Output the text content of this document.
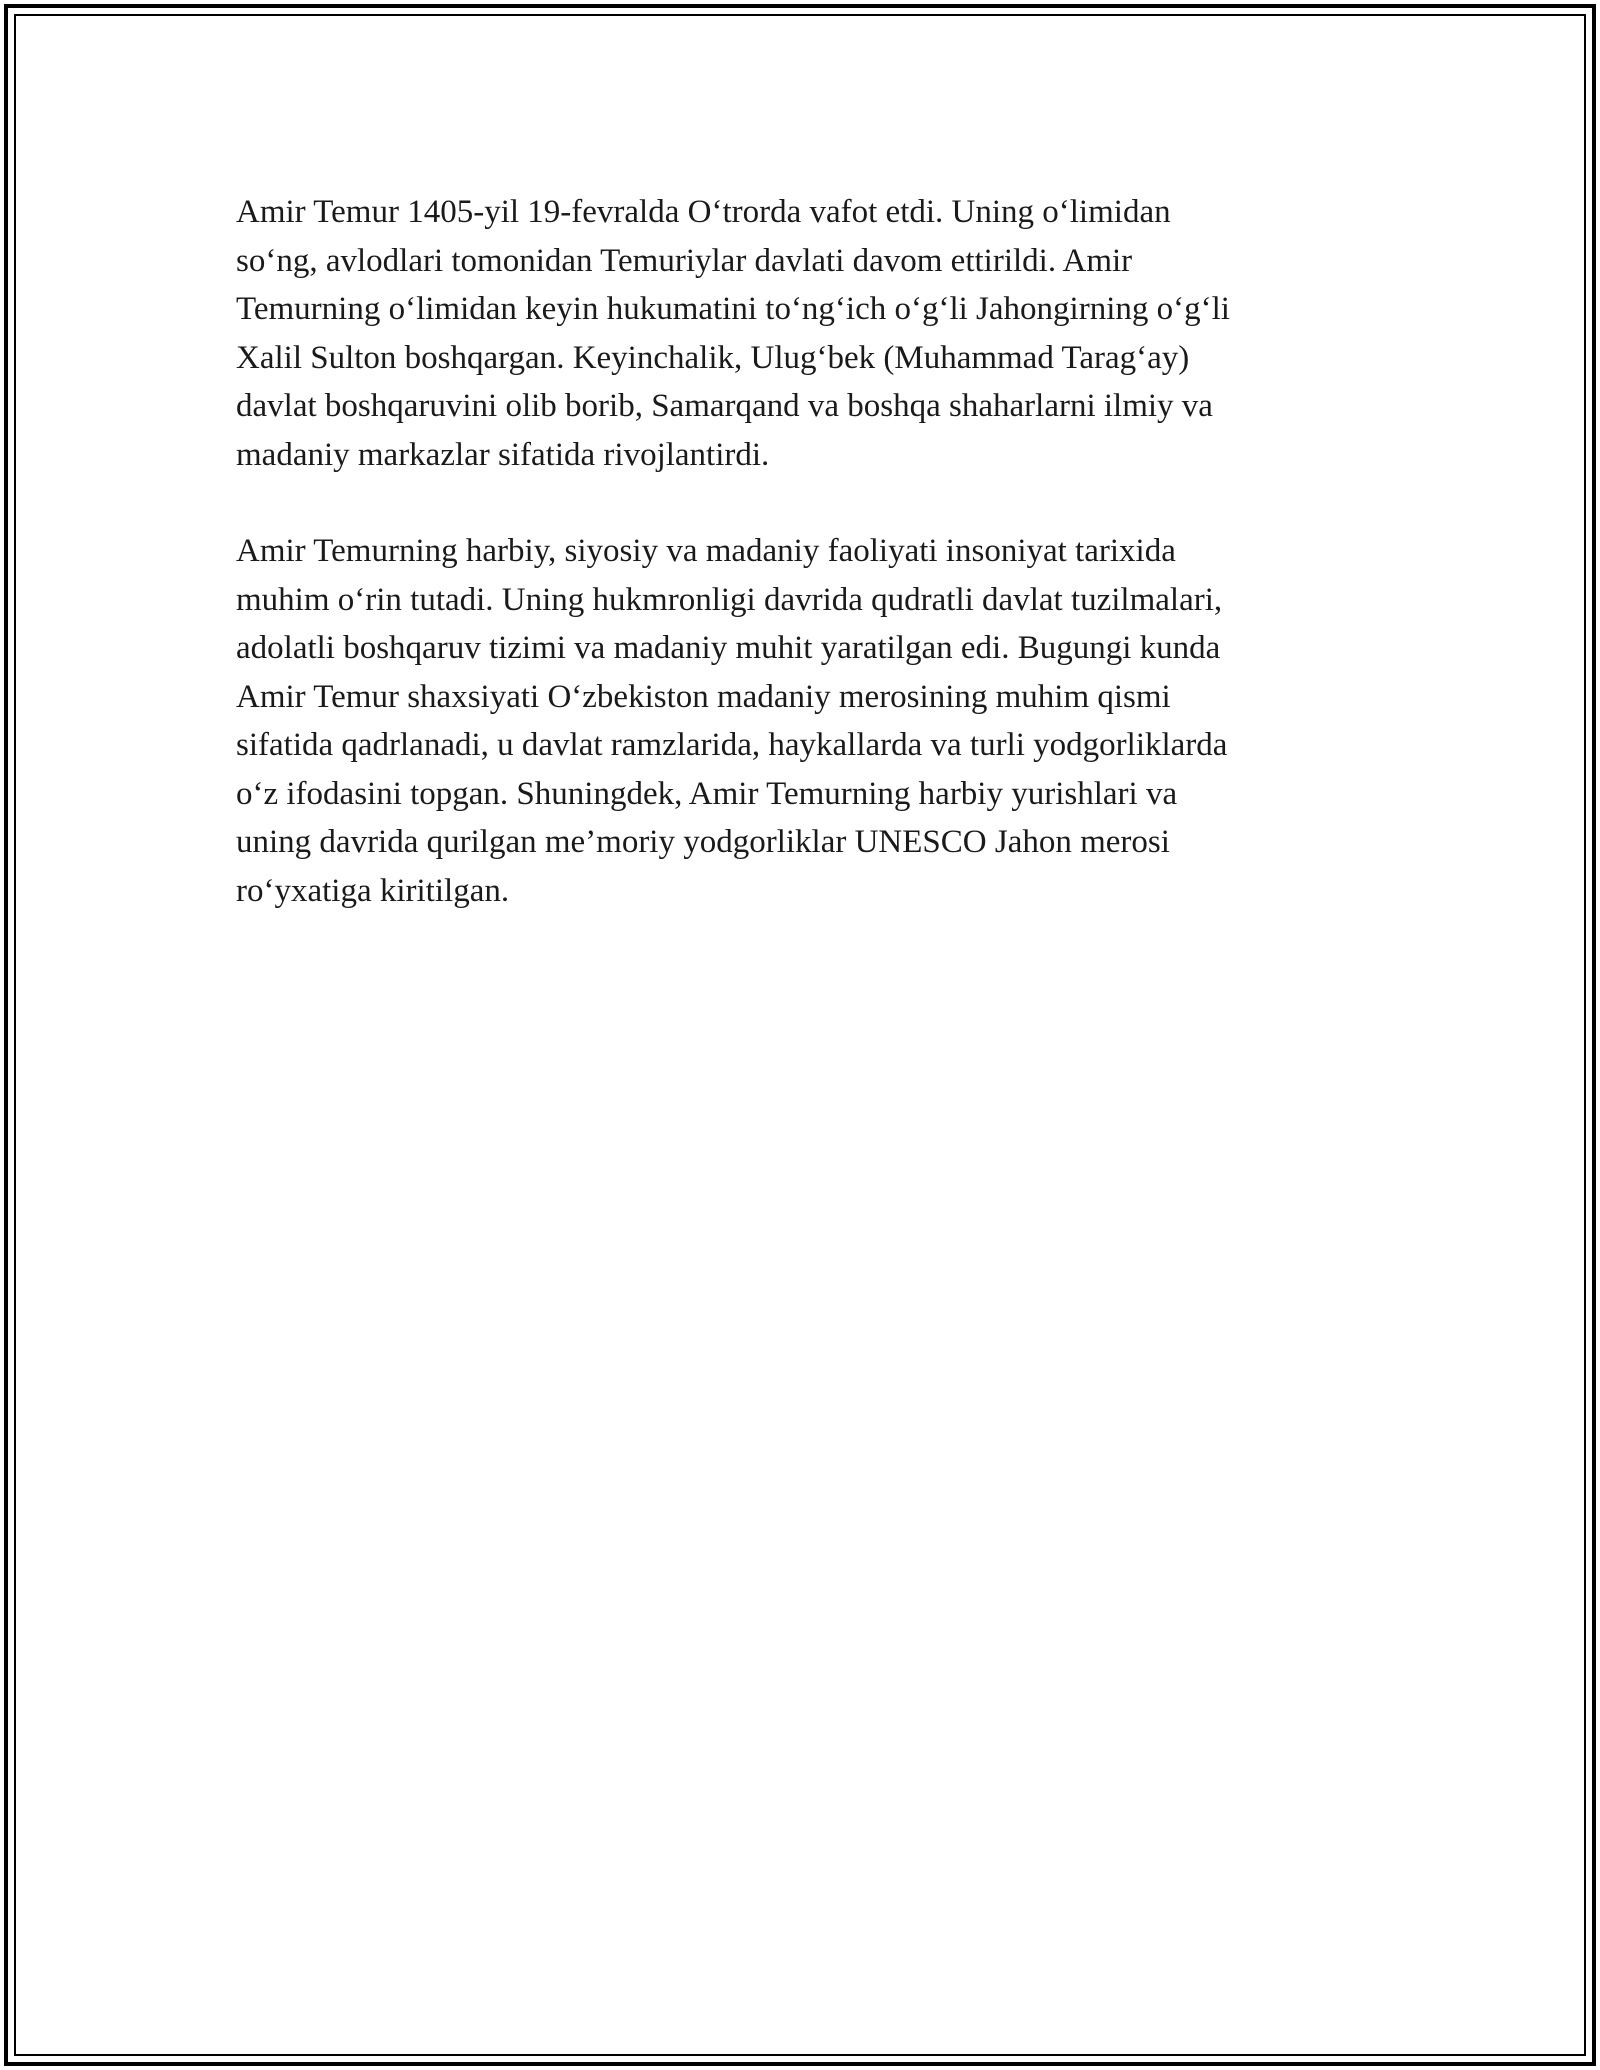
Amir Temur 1405-yil 19-fevralda O‘trorda vafot etdi. Uning o‘limidan
so‘ng, avlodlari tomonidan Temuriylar davlati davom ettirildi. Amir
Temurning o‘limidan keyin hukumatini to‘ng‘ich o‘g‘li Jahongirning o‘g‘li
Xalil Sulton boshqargan. Keyinchalik, Ulug‘bek (Muhammad Tarag‘ay)
davlat boshqaruvini olib borib, Samarqand va boshqa shaharlarni ilmiy va
madaniy markazlar sifatida rivojlantirdi.

Amir Temurning harbiy, siyosiy va madaniy faoliyati insoniyat tarixida
muhim o‘rin tutadi. Uning hukmronligi davrida qudratli davlat tuzilmalari,
adolatli boshqaruv tizimi va madaniy muhit yaratilgan edi. Bugungi kunda
Amir Temur shaxsiyati O‘zbekiston madaniy merosining muhim qismi
sifatida qadrlanadi, u davlat ramzlarida, haykallarda va turli yodgorliklarda
o‘z ifodasini topgan. Shuningdek, Amir Temurning harbiy yurishlari va
uning davrida qurilgan me’moriy yodgorliklar UNESCO Jahon merosi
ro‘yxatiga kiritilgan.
